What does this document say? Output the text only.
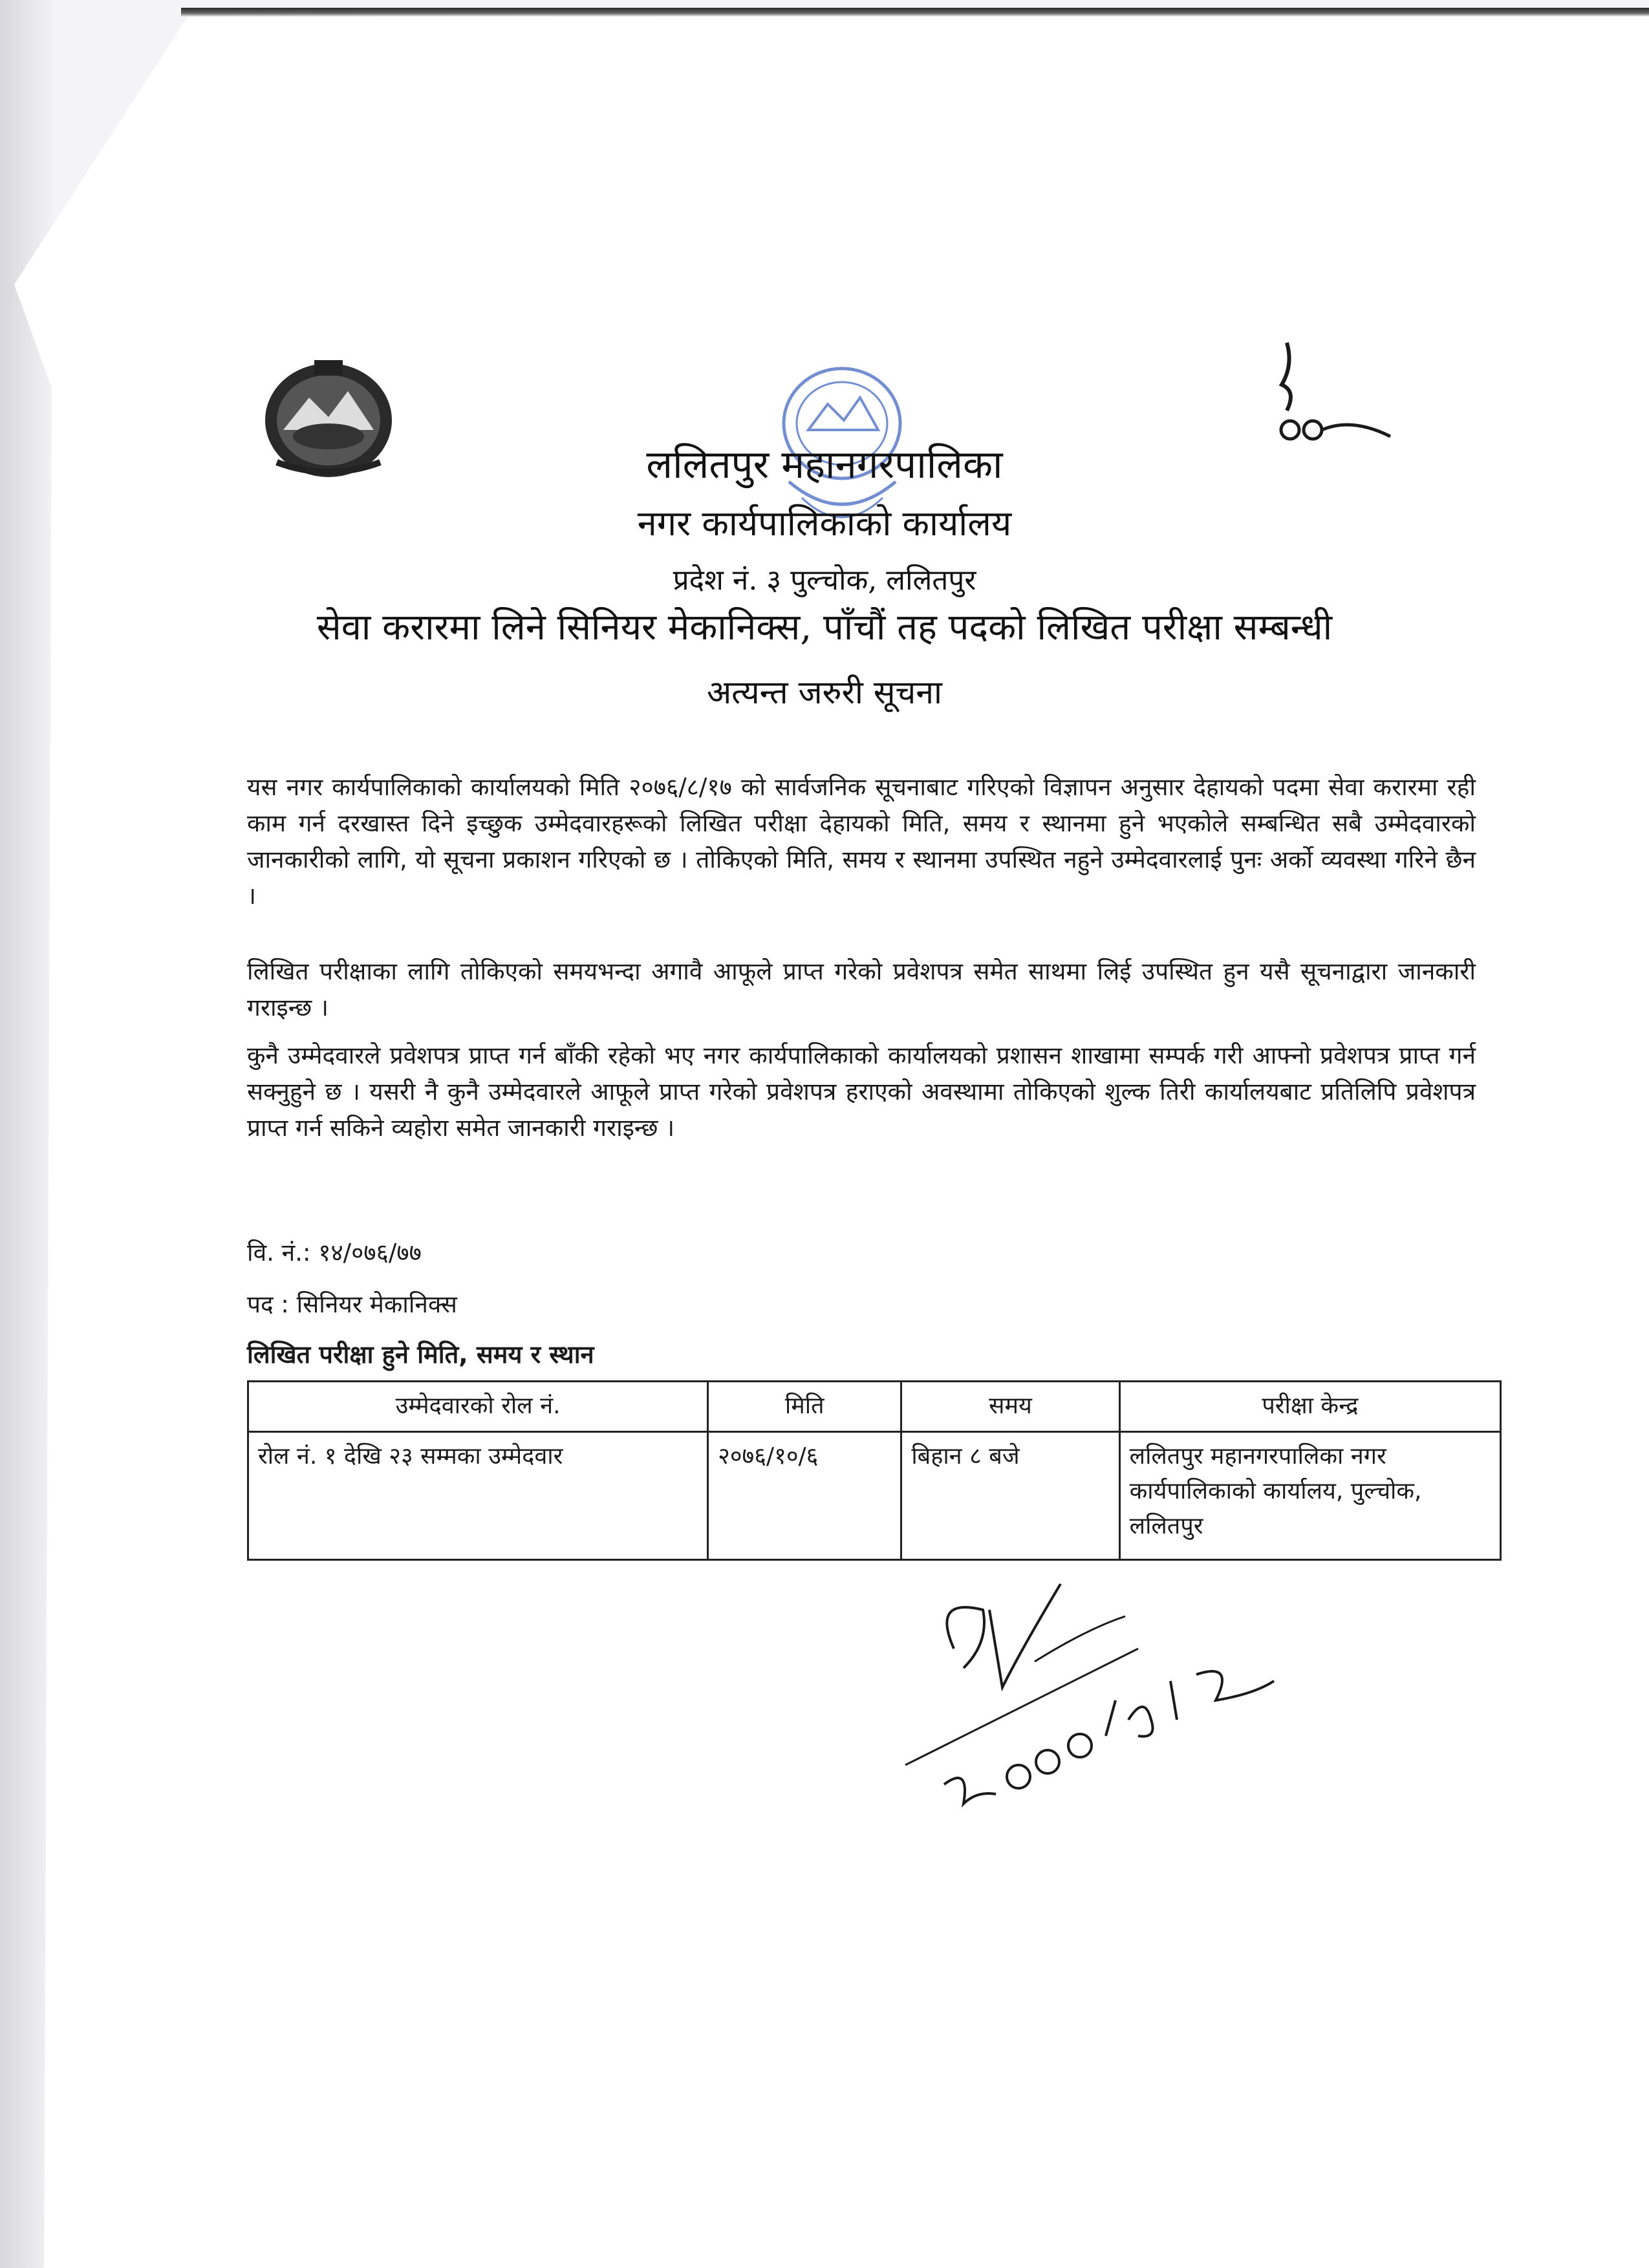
ललितपुर महानगरपालिका
नगर कार्यपालिकाको कार्यालय
प्रदेश नं. ३ पुल्चोक, ललितपुर
सेवा करारमा लिने सिनियर मेकानिक्स, पाँचौं तह पदको लिखित परीक्षा सम्बन्धी
अत्यन्त जरुरी सूचना
यस नगर कार्यपालिकाको कार्यालयको मिति २०७६/८/१७ को सार्वजनिक सूचनाबाट गरिएको विज्ञापन अनुसार देहायको पदमा सेवा करारमा रही काम गर्न दरखास्त दिने इच्छुक उम्मेदवारहरूको लिखित परीक्षा देहायको मिति, समय र स्थानमा हुने भएकोले सम्बन्धित सबै उम्मेदवारको जानकारीको लागि, यो सूचना प्रकाशन गरिएको छ । तोकिएको मिति, समय र स्थानमा उपस्थित नहुने उम्मेदवारलाई पुनः अर्को व्यवस्था गरिने छैन ।
लिखित परीक्षाका लागि तोकिएको समयभन्दा अगावै आफूले प्राप्त गरेको प्रवेशपत्र समेत साथमा लिई उपस्थित हुन यसै सूचनाद्वारा जानकारी गराइन्छ ।
कुनै उम्मेदवारले प्रवेशपत्र प्राप्त गर्न बाँकी रहेको भए नगर कार्यपालिकाको कार्यालयको प्रशासन शाखामा सम्पर्क गरी आफ्नो प्रवेशपत्र प्राप्त गर्न सक्नुहुने छ । यसरी नै कुनै उम्मेदवारले आफूले प्राप्त गरेको प्रवेशपत्र हराएको अवस्थामा तोकिएको शुल्क तिरी कार्यालयबाट प्रतिलिपि प्रवेशपत्र प्राप्त गर्न सकिने व्यहोरा समेत जानकारी गराइन्छ ।
वि. नं.: १४/०७६/७७
पद : सिनियर मेकानिक्स
लिखित परीक्षा हुने मिति, समय र स्थान
उम्मेदवारको रोल नं.	मिति	समय	परीक्षा केन्द्र
रोल नं. १ देखि २३ सम्मका उम्मेदवार	२०७६/१०/६	बिहान ८ बजे	ललितपुर महानगरपालिका नगर कार्यपालिकाको कार्यालय, पुल्चोक, ललितपुर
